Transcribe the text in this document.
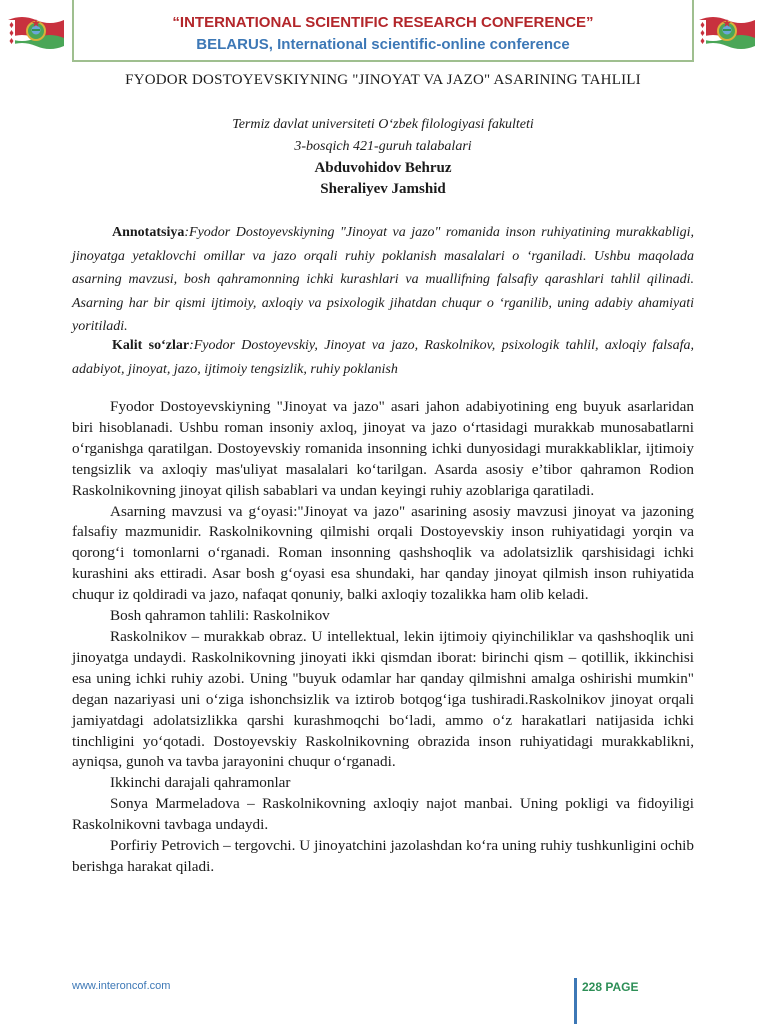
“INTERNATIONAL SCIENTIFIC RESEARCH CONFERENCE”
BELARUS, International scientific-online conference
FYODOR DOSTOYEVSKIYNING "JINOYAT VA JAZO" ASARINING TAHLILI
Termiz davlat universiteti O‘zbek filologiyasi fakulteti
3-bosqich 421-guruh talabalari
Abduvohidov Behruz
Sheraliyev Jamshid
Annotatsiya:Fyodor Dostoyevskiyning "Jinoyat va jazo" romanida inson ruhiyatining murakkabligi, jinoyatga yetaklovchi omillar va jazo orqali ruhiy poklanish masalalari o ‘rganiladi. Ushbu maqolada asarning mavzusi, bosh qahramonning ichki kurashlari va muallifning falsafiy qarashlari tahlil qilinadi. Asarning har bir qismi ijtimoiy, axloqiy va psixologik jihatdan chuqur o ‘rganilib, uning adabiy ahamiyati yoritiladi.
Kalit so‘zlar:Fyodor Dostoyevskiy, Jinoyat va jazo, Raskolnikov, psixologik tahlil, axloqiy falsafa, adabiyot, jinoyat, jazo, ijtimoiy tengsizlik, ruhiy poklanish

Fyodor Dostoyevskiyning "Jinoyat va jazo" asari jahon adabiyotining eng buyuk asarlaridan biri hisoblanadi. Ushbu roman insoniy axloq, jinoyat va jazo o‘rtasidagi murakkab munosabatlarni o‘rganishga qaratilgan. Dostoyevskiy romanida insonning ichki dunyosidagi murakkabliklar, ijtimoiy tengsizlik va axloqiy mas'uliyat masalalari ko‘tarilgan. Asarda asosiy e’tibor qahramon Rodion Raskolnikovning jinoyat qilish sabablari va undan keyingi ruhiy azoblariga qaratiladi.

Asarning mavzusi va g‘oyasi:"Jinoyat va jazo" asarining asosiy mavzusi jinoyat va jazoning falsafiy mazmunidir. Raskolnikovning qilmishi orqali Dostoyevskiy inson ruhiyatidagi yorqin va qorong‘i tomonlarni o‘rganadi. Roman insonning qashshoqlik va adolatsizlik qarshisidagi ichki kurashini aks ettiradi. Asar bosh g‘oyasi esa shundaki, har qanday jinoyat qilmish inson ruhiyatida chuqur iz qoldiradi va jazo, nafaqat qonuniy, balki axloqiy tozalikka ham olib keladi.

Bosh qahramon tahlili: Raskolnikov

Raskolnikov – murakkab obraz. U intellektual, lekin ijtimoiy qiyinchiliklar va qashshoqlik uni jinoyatga undaydi. Raskolnikovning jinoyati ikki qismdan iborat: birinchi qism – qotillik, ikkinchisi esa uning ichki ruhiy azobi. Uning "buyuk odamlar har qanday qilmishni amalga oshirishi mumkin" degan nazariyasi uni o‘ziga ishonchsizlik va iztirob botqog‘iga tushiradi.Raskolnikov jinoyat orqali jamiyatdagi adolatsizlikka qarshi kurashmoqchi bo‘ladi, ammo o‘z harakatlari natijasida ichki tinchligini yo‘qotadi. Dostoyevskiy Raskolnikovning obrazida inson ruhiyatidagi murakkablikni, ayniqsa, gunoh va tavba jarayonini chuqur o‘rganadi.

Ikkinchi darajali qahramonlar

Sonya Marmeladova – Raskolnikovning axloqiy najot manbai. Uning pokligi va fidoyiligi Raskolnikovni tavbaga undaydi.

Porfiriy Petrovich – tergovchi. U jinoyatchini jazolashdan ko‘ra uning ruhiy tushkunligini ochib berishga harakat qiladi.

www.interoncof.com	228 PAGE
